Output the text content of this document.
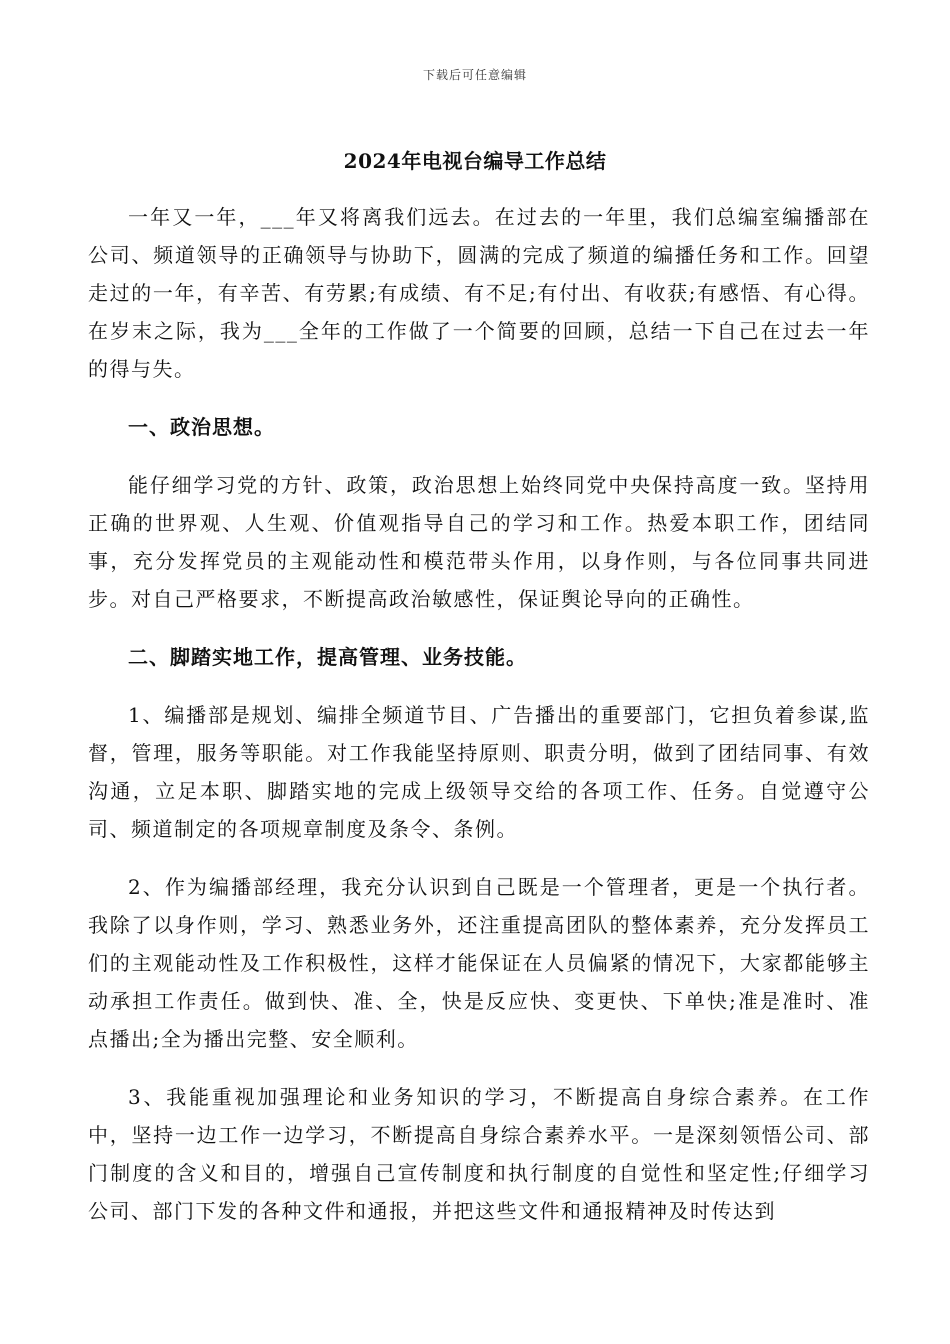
下载后可任意编辑
2024年电视台编导工作总结

一年又一年，___年又将离我们远去。在过去的一年里，我们总编室编播部在公司、频道领导的正确领导与协助下，圆满的完成了频道的编播任务和工作。回望走过的一年，有辛苦、有劳累;有成绩、有不足;有付出、有收获;有感悟、有心得。在岁末之际，我为___全年的工作做了一个简要的回顾，总结一下自己在过去一年的得与失。

一、政治思想。

能仔细学习党的方针、政策，政治思想上始终同党中央保持高度一致。坚持用正确的世界观、人生观、价值观指导自己的学习和工作。热爱本职工作，团结同事，充分发挥党员的主观能动性和模范带头作用，以身作则，与各位同事共同进步。对自己严格要求，不断提高政治敏感性，保证舆论导向的正确性。

二、脚踏实地工作，提高管理、业务技能。

1、编播部是规划、编排全频道节目、广告播出的重要部门，它担负着参谋,监督，管理，服务等职能。对工作我能坚持原则、职责分明，做到了团结同事、有效沟通，立足本职、脚踏实地的完成上级领导交给的各项工作、任务。自觉遵守公司、频道制定的各项规章制度及条令、条例。

2、作为编播部经理，我充分认识到自己既是一个管理者，更是一个执行者。我除了以身作则，学习、熟悉业务外，还注重提高团队的整体素养，充分发挥员工们的主观能动性及工作积极性，这样才能保证在人员偏紧的情况下，大家都能够主动承担工作责任。做到快、准、全，快是反应快、变更快、下单快;准是准时、准点播出;全为播出完整、安全顺利。

3、我能重视加强理论和业务知识的学习，不断提高自身综合素养。在工作中，坚持一边工作一边学习，不断提高自身综合素养水平。一是深刻领悟公司、部门制度的含义和目的，增强自己宣传制度和执行制度的自觉性和坚定性;仔细学习公司、部门下发的各种文件和通报，并把这些文件和通报精神及时传达到
